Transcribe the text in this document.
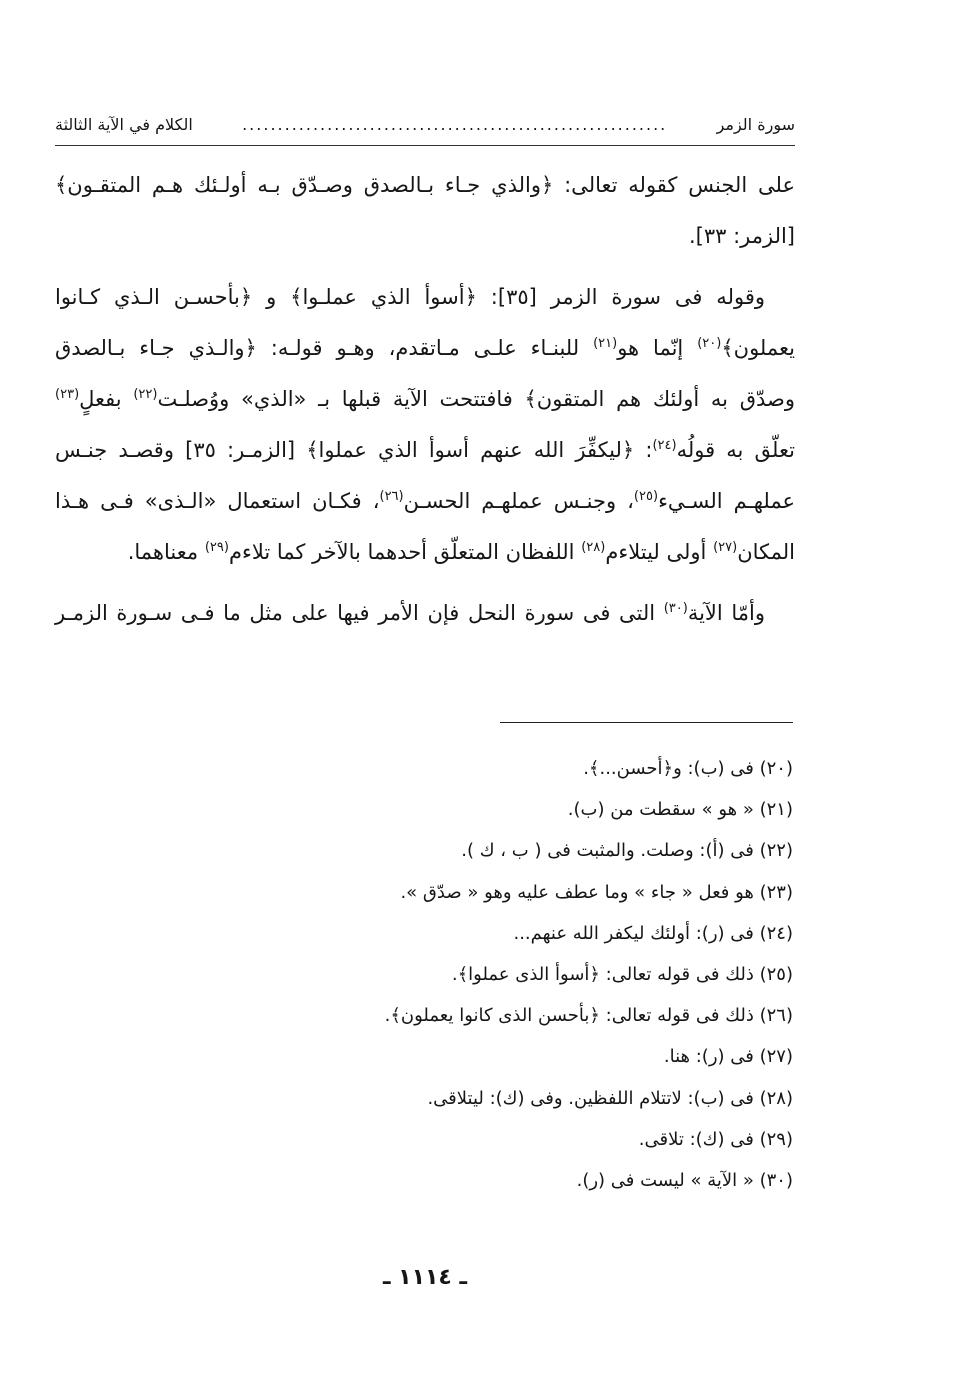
سورة الزمر
............................................................
الكلام في الآية الثالثة
على الجنس كقوله تعالى: ﴿والذي جـاء بـالصدق وصـدّق بـه أولـئك هـم المتقـون﴾
[الزمر: ٣٣].
وقوله فى سورة الزمر [٣٥]: ﴿أسوأ الذي عملـوا﴾ و ﴿بأحسـن الـذي كـانوا
يعملون﴾$^{(٢٠)}$ إنّما هو$^{(٢١)}$ للبنـاء علـى مـاتقدم، وهـو قولـه: ﴿والـذي جـاء بـالصدق
وصدّق به أولئك هم المتقون﴾ فافتتحت الآية قبلها بـ «الذي» ووُصلـت$^{(٢٢)}$ بفعلٍ$^{(٢٣)}$
تعلّق به قولُه$^{(٢٤)}$: ﴿ليكفِّرَ الله عنهم أسوأ الذي عملوا﴾ [الزمـر: ٣٥] وقصـد جنـس
عملهـم السـيء$^{(٢٥)}$، وجنـس عملهـم الحسـن$^{(٢٦)}$، فكـان استعمال «الـذى» فـى هـذا
المكان$^{(٢٧)}$ أولى ليتلاءم$^{(٢٨)}$ اللفظان المتعلّق أحدهما بالآخر كما تلاءم$^{(٢٩)}$ معناهما.
وأمّا الآية$^{(٣٠)}$ التى فى سورة النحل فإن الأمر فيها على مثل ما فـى سـورة الزمـر
(٢٠) فى (ب): و﴿أحسن...﴾.
(٢١) « هو » سقطت من (ب).
(٢٢) فى (أ): وصلت. والمثبت فى ( ب ، ك ).
(٢٣) هو فعل « جاء » وما عطف عليه وهو « صدّق ».
(٢٤) فى (ر): أولئك ليكفر الله عنهم...
(٢٥) ذلك فى قوله تعالى: ﴿أسوأ الذى عملوا﴾.
(٢٦) ذلك فى قوله تعالى: ﴿بأحسن الذى كانوا يعملون﴾.
(٢٧) فى (ر): هنا.
(٢٨) فى (ب): لاتتلام اللفظين. وفى (ك): ليتلاقى.
(٢٩) فى (ك): تلاقى.
(٣٠) « الآية » ليست فى (ر).
ـ ١١١٤ ـ
